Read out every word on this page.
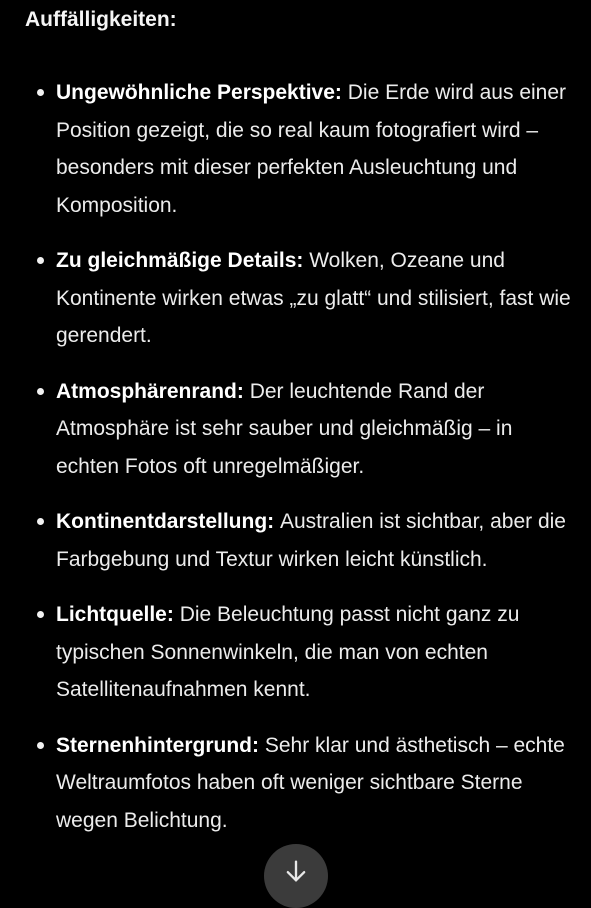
Auffälligkeiten:
Ungewöhnliche Perspektive: Die Erde wird aus einer Position gezeigt, die so real kaum fotografiert wird – besonders mit dieser perfekten Ausleuchtung und Komposition.
Zu gleichmäßige Details: Wolken, Ozeane und Kontinente wirken etwas „zu glatt“ und stilisiert, fast wie gerendert.
Atmosphärenrand: Der leuchtende Rand der Atmosphäre ist sehr sauber und gleichmäßig – in echten Fotos oft unregelmäßiger.
Kontinentdarstellung: Australien ist sichtbar, aber die Farbgebung und Textur wirken leicht künstlich.
Lichtquelle: Die Beleuchtung passt nicht ganz zu typischen Sonnenwinkeln, die man von echten Satellitenaufnahmen kennt.
Sternenhintergrund: Sehr klar und ästhetisch – echte Weltraumfotos haben oft weniger sichtbare Sterne wegen Belichtung.
